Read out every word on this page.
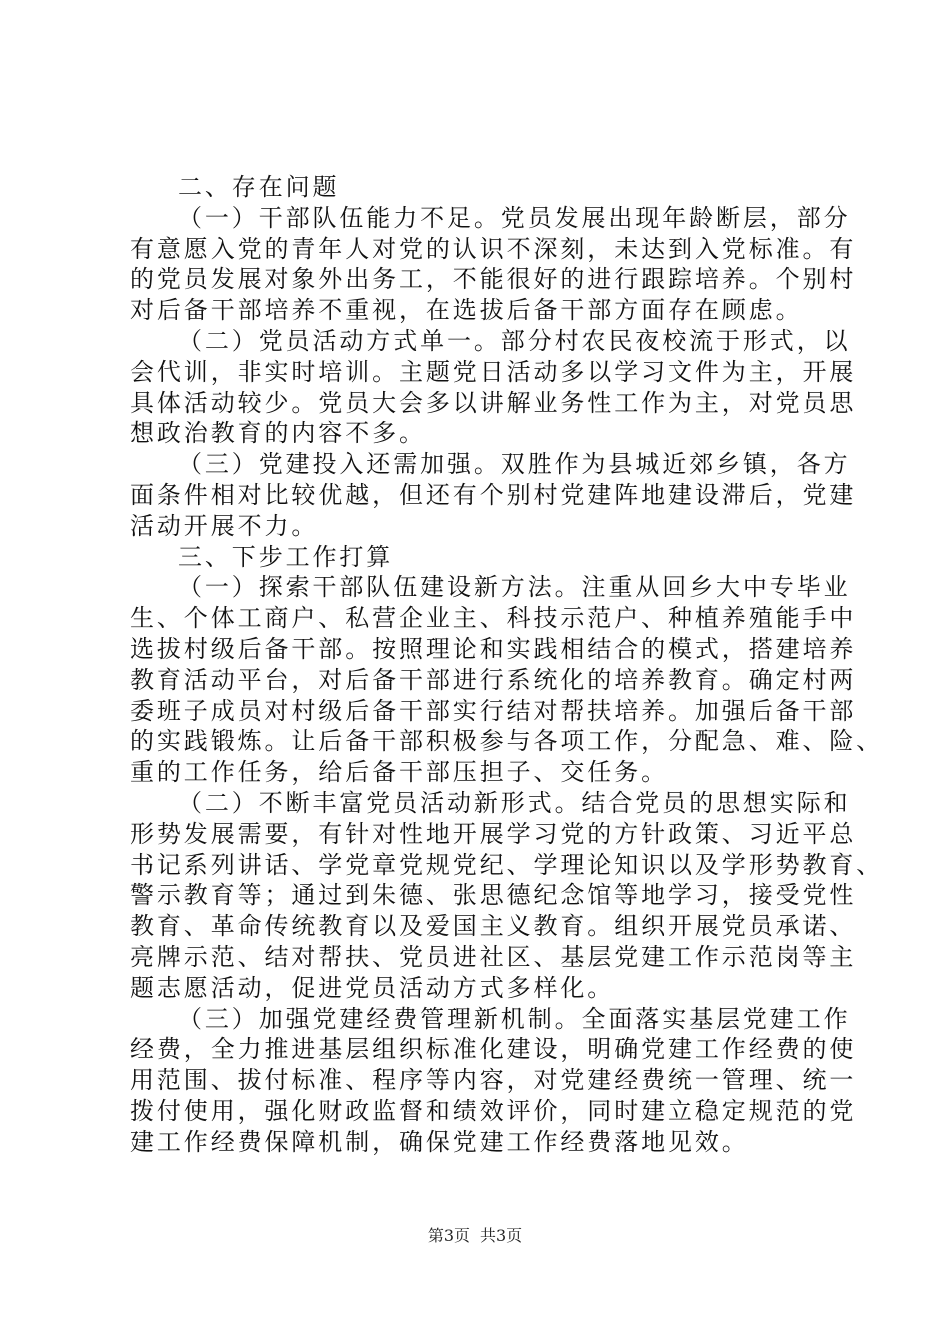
二、存在问题
（一）干部队伍能力不足。党员发展出现年龄断层，部分
有意愿入党的青年人对党的认识不深刻，未达到入党标准。有
的党员发展对象外出务工，不能很好的进行跟踪培养。个别村
对后备干部培养不重视，在选拔后备干部方面存在顾虑。
（二）党员活动方式单一。部分村农民夜校流于形式，以
会代训，非实时培训。主题党日活动多以学习文件为主，开展
具体活动较少。党员大会多以讲解业务性工作为主，对党员思
想政治教育的内容不多。
（三）党建投入还需加强。双胜作为县城近郊乡镇，各方
面条件相对比较优越，但还有个别村党建阵地建设滞后，党建
活动开展不力。
三、下步工作打算
（一）探索干部队伍建设新方法。注重从回乡大中专毕业
生、个体工商户、私营企业主、科技示范户、种植养殖能手中
选拔村级后备干部。按照理论和实践相结合的模式，搭建培养
教育活动平台，对后备干部进行系统化的培养教育。确定村两
委班子成员对村级后备干部实行结对帮扶培养。加强后备干部
的实践锻炼。让后备干部积极参与各项工作，分配急、难、险、
重的工作任务，给后备干部压担子、交任务。
（二）不断丰富党员活动新形式。结合党员的思想实际和
形势发展需要，有针对性地开展学习党的方针政策、习近平总
书记系列讲话、学党章党规党纪、学理论知识以及学形势教育、
警示教育等；通过到朱德、张思德纪念馆等地学习，接受党性
教育、革命传统教育以及爱国主义教育。组织开展党员承诺、
亮牌示范、结对帮扶、党员进社区、基层党建工作示范岗等主
题志愿活动，促进党员活动方式多样化。
（三）加强党建经费管理新机制。全面落实基层党建工作
经费，全力推进基层组织标准化建设，明确党建工作经费的使
用范围、拔付标准、程序等内容，对党建经费统一管理、统一
拨付使用，强化财政监督和绩效评价，同时建立稳定规范的党
建工作经费保障机制，确保党建工作经费落地见效。
第3页 共3页
